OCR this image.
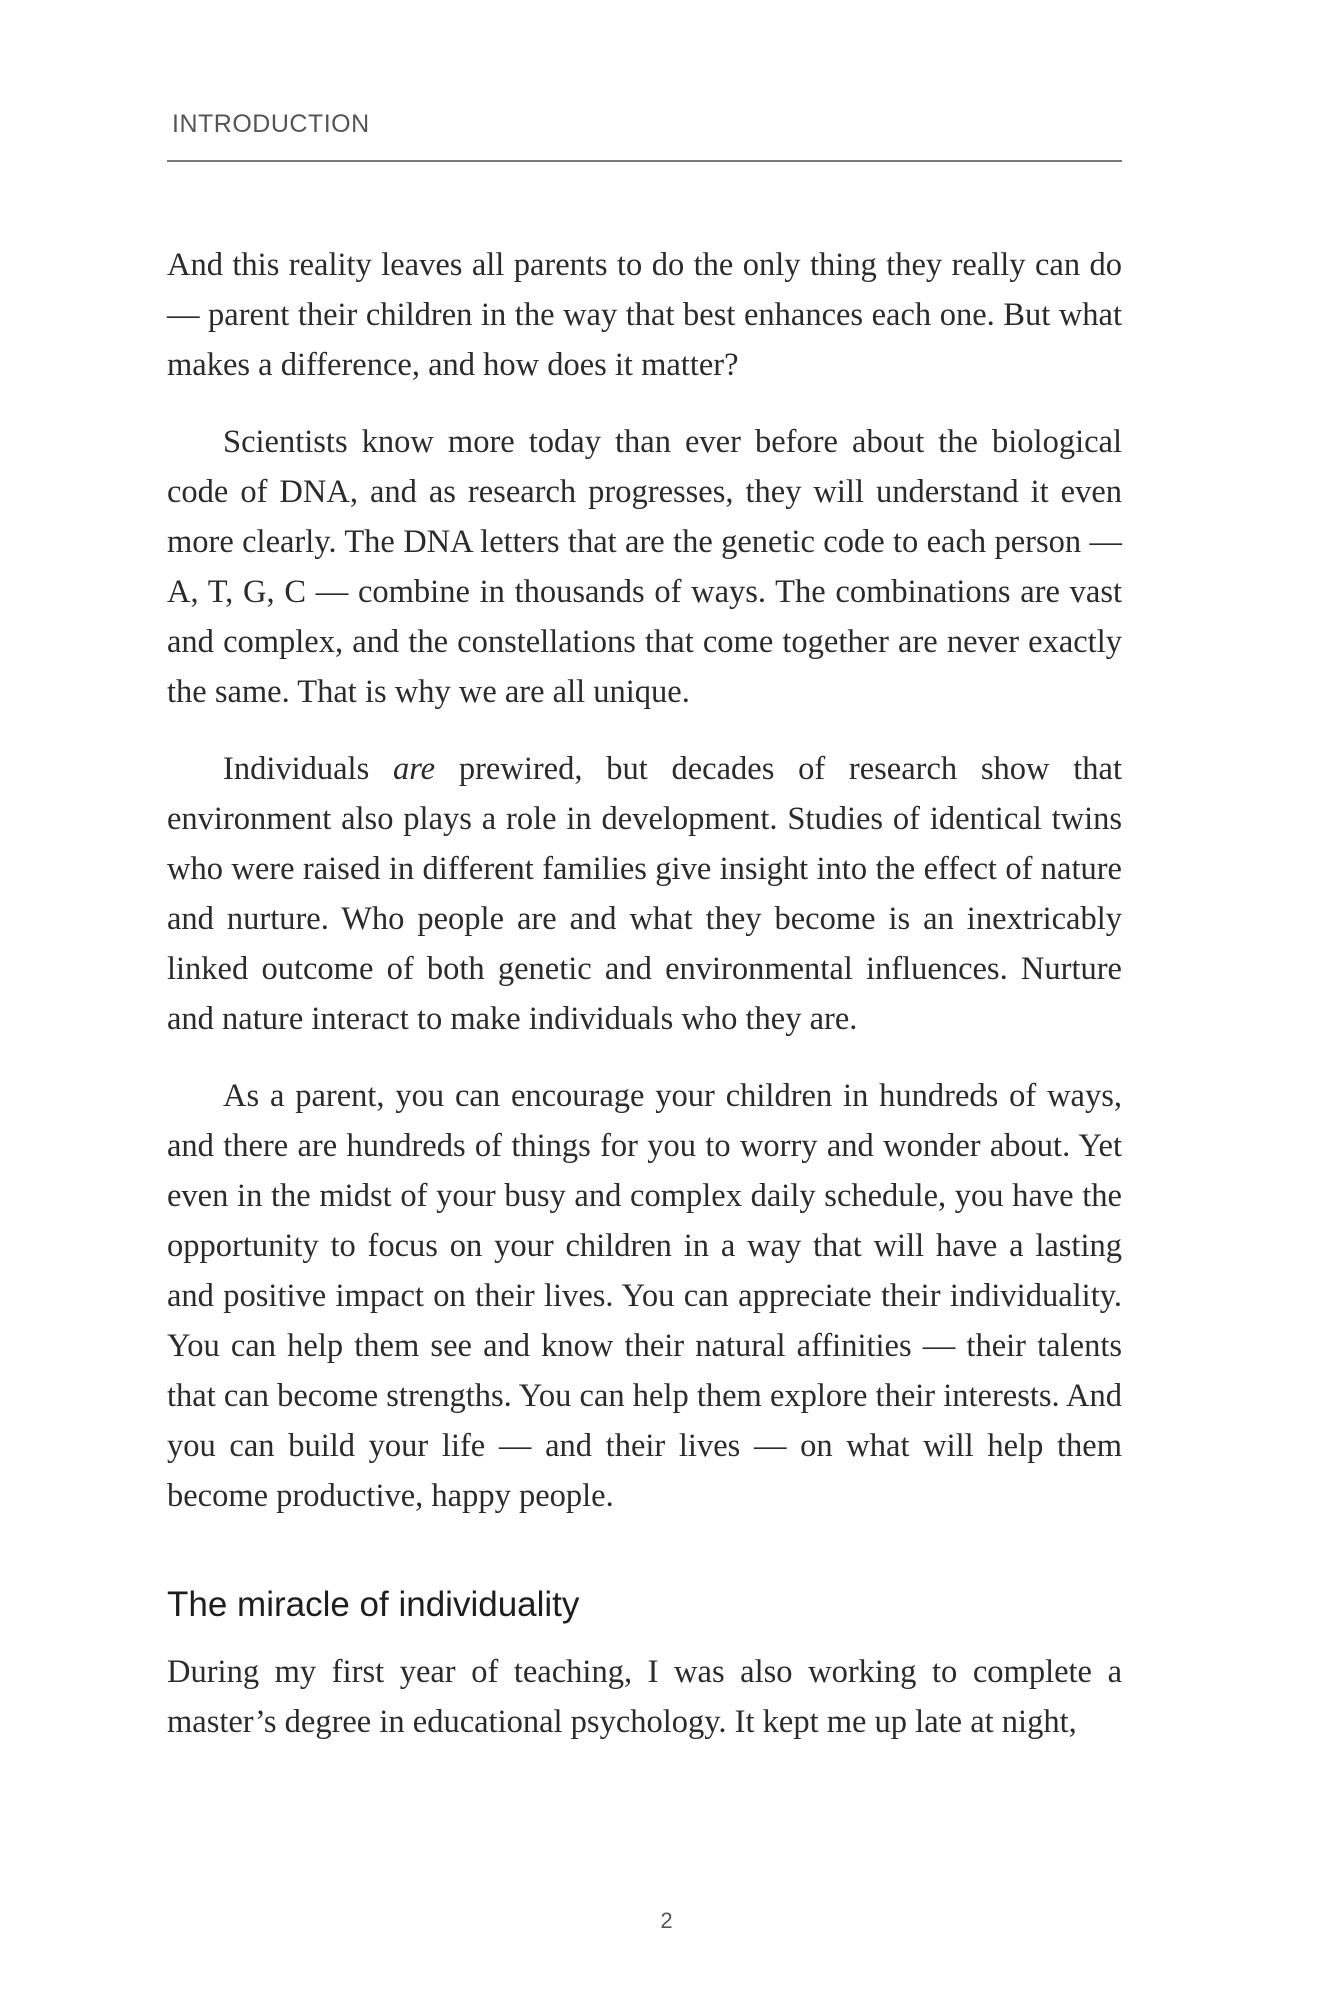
INTRODUCTION

And this reality leaves all parents to do the only thing they really can do — parent their children in the way that best enhances each one. But what makes a difference, and how does it matter?

Scientists know more today than ever before about the biological code of DNA, and as research progresses, they will understand it even more clearly. The DNA letters that are the genetic code to each person — A, T, G, C — combine in thousands of ways. The combinations are vast and complex, and the constellations that come together are never exactly the same. That is why we are all unique.

Individuals are prewired, but decades of research show that environment also plays a role in development. Studies of identical twins who were raised in different families give insight into the effect of nature and nurture. Who people are and what they become is an inextricably linked outcome of both genetic and environmental influences. Nurture and nature interact to make individuals who they are.

As a parent, you can encourage your children in hundreds of ways, and there are hundreds of things for you to worry and wonder about. Yet even in the midst of your busy and complex daily schedule, you have the opportunity to focus on your children in a way that will have a lasting and positive impact on their lives. You can appreciate their individuality. You can help them see and know their natural affinities — their talents that can become strengths. You can help them explore their interests. And you can build your life — and their lives — on what will help them become productive, happy people.

The miracle of individuality

During my first year of teaching, I was also working to complete a master’s degree in educational psychology. It kept me up late at night,

2
